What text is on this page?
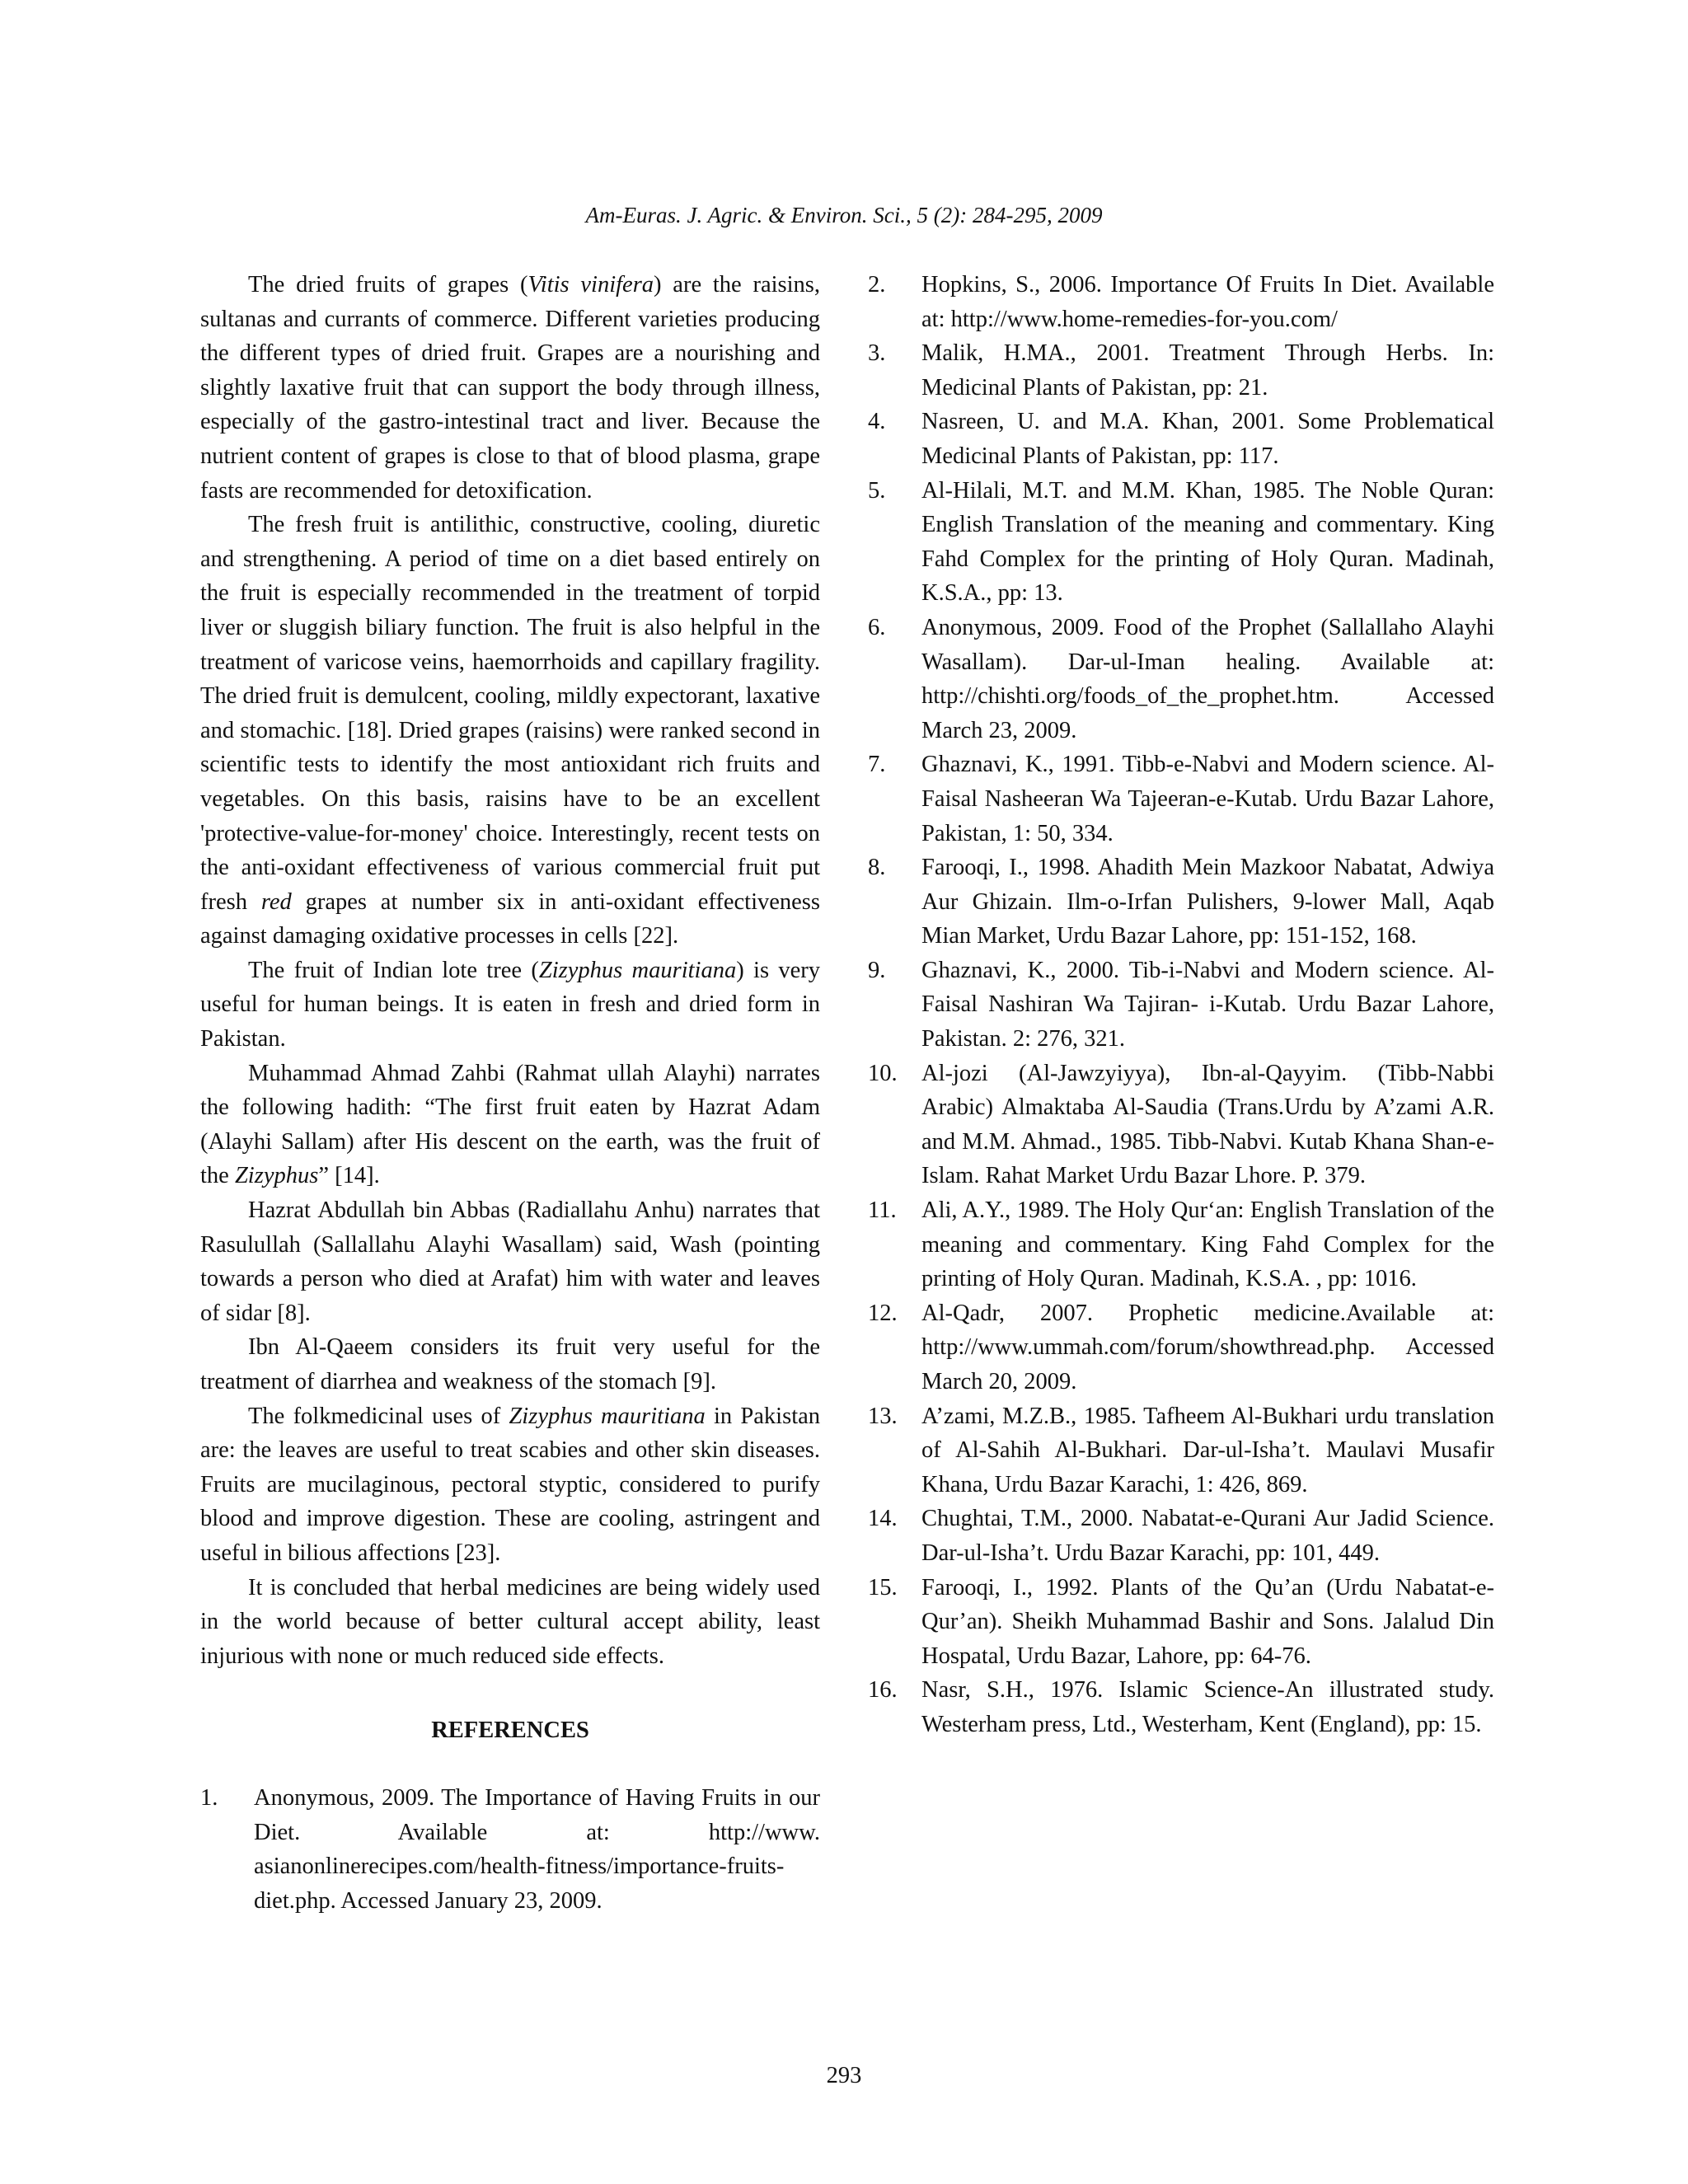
Am-Euras. J. Agric. & Environ. Sci., 5 (2): 284-295, 2009

The dried fruits of grapes (Vitis vinifera) are the raisins, sultanas and currants of commerce. Different varieties producing the different types of dried fruit. Grapes are a nourishing and slightly laxative fruit that can support the body through illness, especially of the gastro-intestinal tract and liver. Because the nutrient content of grapes is close to that of blood plasma, grape fasts are recommended for detoxification.

The fresh fruit is antilithic, constructive, cooling, diuretic and strengthening. A period of time on a diet based entirely on the fruit is especially recommended in the treatment of torpid liver or sluggish biliary function. The fruit is also helpful in the treatment of varicose veins, haemorrhoids and capillary fragility. The dried fruit is demulcent, cooling, mildly expectorant, laxative and stomachic. [18]. Dried grapes (raisins) were ranked second in scientific tests to identify the most antioxidant rich fruits and vegetables. On this basis, raisins have to be an excellent 'protective-value-for-money' choice. Interestingly, recent tests on the anti-oxidant effectiveness of various commercial fruit put fresh red grapes at number six in anti-oxidant effectiveness against damaging oxidative processes in cells [22].

The fruit of Indian lote tree (Zizyphus mauritiana) is very useful for human beings. It is eaten in fresh and dried form in Pakistan.

Muhammad Ahmad Zahbi (Rahmat ullah Alayhi) narrates the following hadith: “The first fruit eaten by Hazrat Adam (Alayhi Sallam) after His descent on the earth, was the fruit of the Zizyphus” [14].

Hazrat Abdullah bin Abbas (Radiallahu Anhu) narrates that Rasulullah (Sallallahu Alayhi Wasallam) said, Wash (pointing towards a person who died at Arafat) him with water and leaves of sidar [8].

Ibn Al-Qaeem considers its fruit very useful for the treatment of diarrhea and weakness of the stomach [9].

The folkmedicinal uses of Zizyphus mauritiana in Pakistan are: the leaves are useful to treat scabies and other skin diseases. Fruits are mucilaginous, pectoral styptic, considered to purify blood and improve digestion. These are cooling, astringent and useful in bilious affections [23].

It is concluded that herbal medicines are being widely used in the world because of better cultural accept ability, least injurious with none or much reduced side effects.

REFERENCES
1. Anonymous, 2009. The Importance of Having Fruits in our Diet. Available at: http://www. asianonlinerecipes.com/health-fitness/importance-fruits-diet.php. Accessed January 23, 2009.
2. Hopkins, S., 2006. Importance Of Fruits In Diet. Available at: http://www.home-remedies-for-you.com/
3. Malik, H.MA., 2001. Treatment Through Herbs. In: Medicinal Plants of Pakistan, pp: 21.
4. Nasreen, U. and M.A. Khan, 2001. Some Problematical Medicinal Plants of Pakistan, pp: 117.
5. Al-Hilali, M.T. and M.M. Khan, 1985. The Noble Quran: English Translation of the meaning and commentary. King Fahd Complex for the printing of Holy Quran. Madinah, K.S.A., pp: 13.
6. Anonymous, 2009. Food of the Prophet (Sallallaho Alayhi Wasallam). Dar-ul-Iman healing. Available at: http://chishti.org/foods_of_the_prophet.htm. Accessed March 23, 2009.
7. Ghaznavi, K., 1991. Tibb-e-Nabvi and Modern science. Al-Faisal Nasheeran Wa Tajeeran-e-Kutab. Urdu Bazar Lahore, Pakistan, 1: 50, 334.
8. Farooqi, I., 1998. Ahadith Mein Mazkoor Nabatat, Adwiya Aur Ghizain. Ilm-o-Irfan Pulishers, 9-lower Mall, Aqab Mian Market, Urdu Bazar Lahore, pp: 151-152, 168.
9. Ghaznavi, K., 2000. Tib-i-Nabvi and Modern science. Al-Faisal Nashiran Wa Tajiran- i-Kutab. Urdu Bazar Lahore, Pakistan. 2: 276, 321.
10. Al-jozi (Al-Jawzyiyya), Ibn-al-Qayyim. (Tibb-Nabbi Arabic) Almaktaba Al-Saudia (Trans.Urdu by A’zami A.R. and M.M. Ahmad., 1985. Tibb-Nabvi. Kutab Khana Shan-e-Islam. Rahat Market Urdu Bazar Lhore. P. 379.
11. Ali, A.Y., 1989. The Holy Qur‘an: English Translation of the meaning and commentary. King Fahd Complex for the printing of Holy Quran. Madinah, K.S.A. , pp: 1016.
12. Al-Qadr, 2007. Prophetic medicine.Available at: http://www.ummah.com/forum/showthread.php. Accessed March 20, 2009.
13. A’zami, M.Z.B., 1985. Tafheem Al-Bukhari urdu translation of Al-Sahih Al-Bukhari. Dar-ul-Isha’t. Maulavi Musafir Khana, Urdu Bazar Karachi, 1: 426, 869.
14. Chughtai, T.M., 2000. Nabatat-e-Qurani Aur Jadid Science. Dar-ul-Isha’t. Urdu Bazar Karachi, pp: 101, 449.
15. Farooqi, I., 1992. Plants of the Qu’an (Urdu Nabatat-e-Qur’an). Sheikh Muhammad Bashir and Sons. Jalalud Din Hospatal, Urdu Bazar, Lahore, pp: 64-76.
16. Nasr, S.H., 1976. Islamic Science-An illustrated study. Westerham press, Ltd., Westerham, Kent (England), pp: 15.
293
